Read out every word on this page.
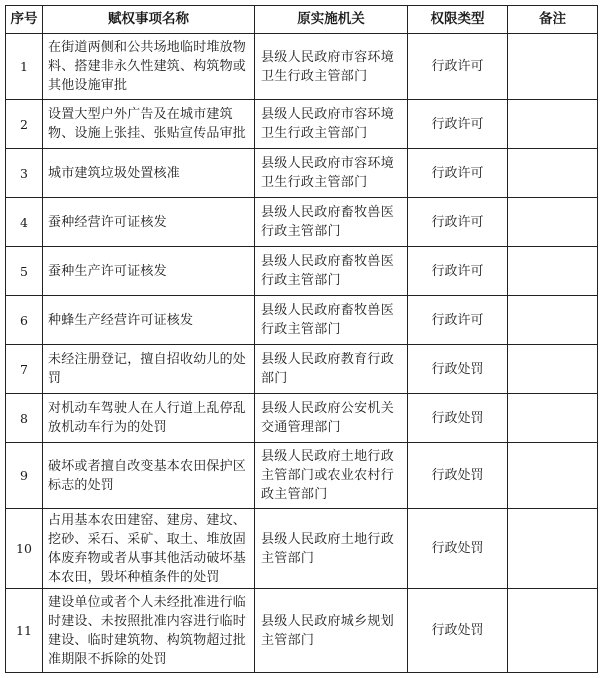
序号	赋权事项名称	原实施机关	权限类型	备注
1	在街道两侧和公共场地临时堆放物料、搭建非永久性建筑、构筑物或其他设施审批	县级人民政府市容环境卫生行政主管部门	行政许可	
2	设置大型户外广告及在城市建筑物、设施上张挂、张贴宣传品审批	县级人民政府市容环境卫生行政主管部门	行政许可	
3	城市建筑垃圾处置核准	县级人民政府市容环境卫生行政主管部门	行政许可	
4	蚕种经营许可证核发	县级人民政府畜牧兽医行政主管部门	行政许可	
5	蚕种生产许可证核发	县级人民政府畜牧兽医行政主管部门	行政许可	
6	种蜂生产经营许可证核发	县级人民政府畜牧兽医行政主管部门	行政许可	
7	未经注册登记，擅自招收幼儿的处罚	县级人民政府教育行政部门	行政处罚	
8	对机动车驾驶人在人行道上乱停乱放机动车行为的处罚	县级人民政府公安机关交通管理部门	行政处罚	
9	破坏或者擅自改变基本农田保护区标志的处罚	县级人民政府土地行政主管部门或农业农村行政主管部门	行政处罚	
10	占用基本农田建窑、建房、建坟、挖砂、采石、采矿、取土、堆放固体废弃物或者从事其他活动破坏基本农田，毁坏种植条件的处罚	县级人民政府土地行政主管部门	行政处罚	
11	建设单位或者个人未经批准进行临时建设、未按照批准内容进行临时建设、临时建筑物、构筑物超过批准期限不拆除的处罚	县级人民政府城乡规划主管部门	行政处罚	
